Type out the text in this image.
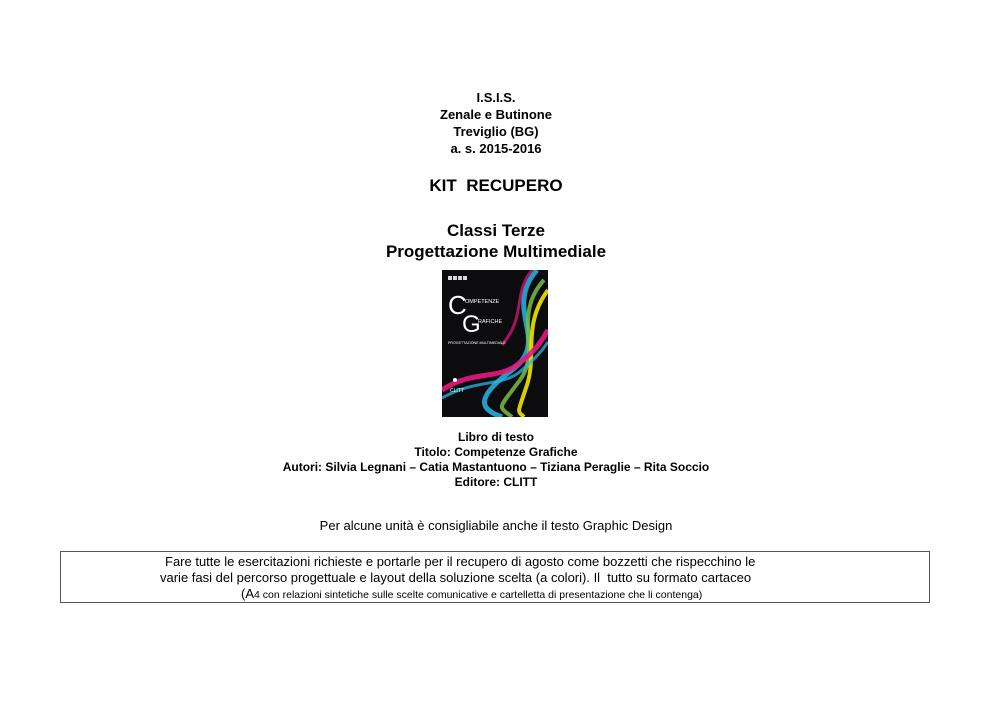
I.S.I.S.
Zenale e Butinone
Treviglio (BG)
a. s. 2015-2016
KIT  RECUPERO
Classi Terze
Progettazione Multimediale
C
OMPETENZE
G
RAFICHE
PROGETTAZIONE MULTIMEDIALE
CLITT
Libro di testo
Titolo: Competenze Grafiche
Autori: Silvia Legnani – Catia Mastantuono – Tiziana Peraglie – Rita Soccio
Editore: CLITT
Per alcune unità è consigliabile anche il testo Graphic Design
Fare tutte le esercitazioni richieste e portarle per il recupero di agosto come bozzetti che rispecchino le
varie fasi del percorso progettuale e layout della soluzione scelta (a colori). Il  tutto su formato cartaceo
(A4 con relazioni sintetiche sulle scelte comunicative e cartelletta di presentazione che li contenga)
